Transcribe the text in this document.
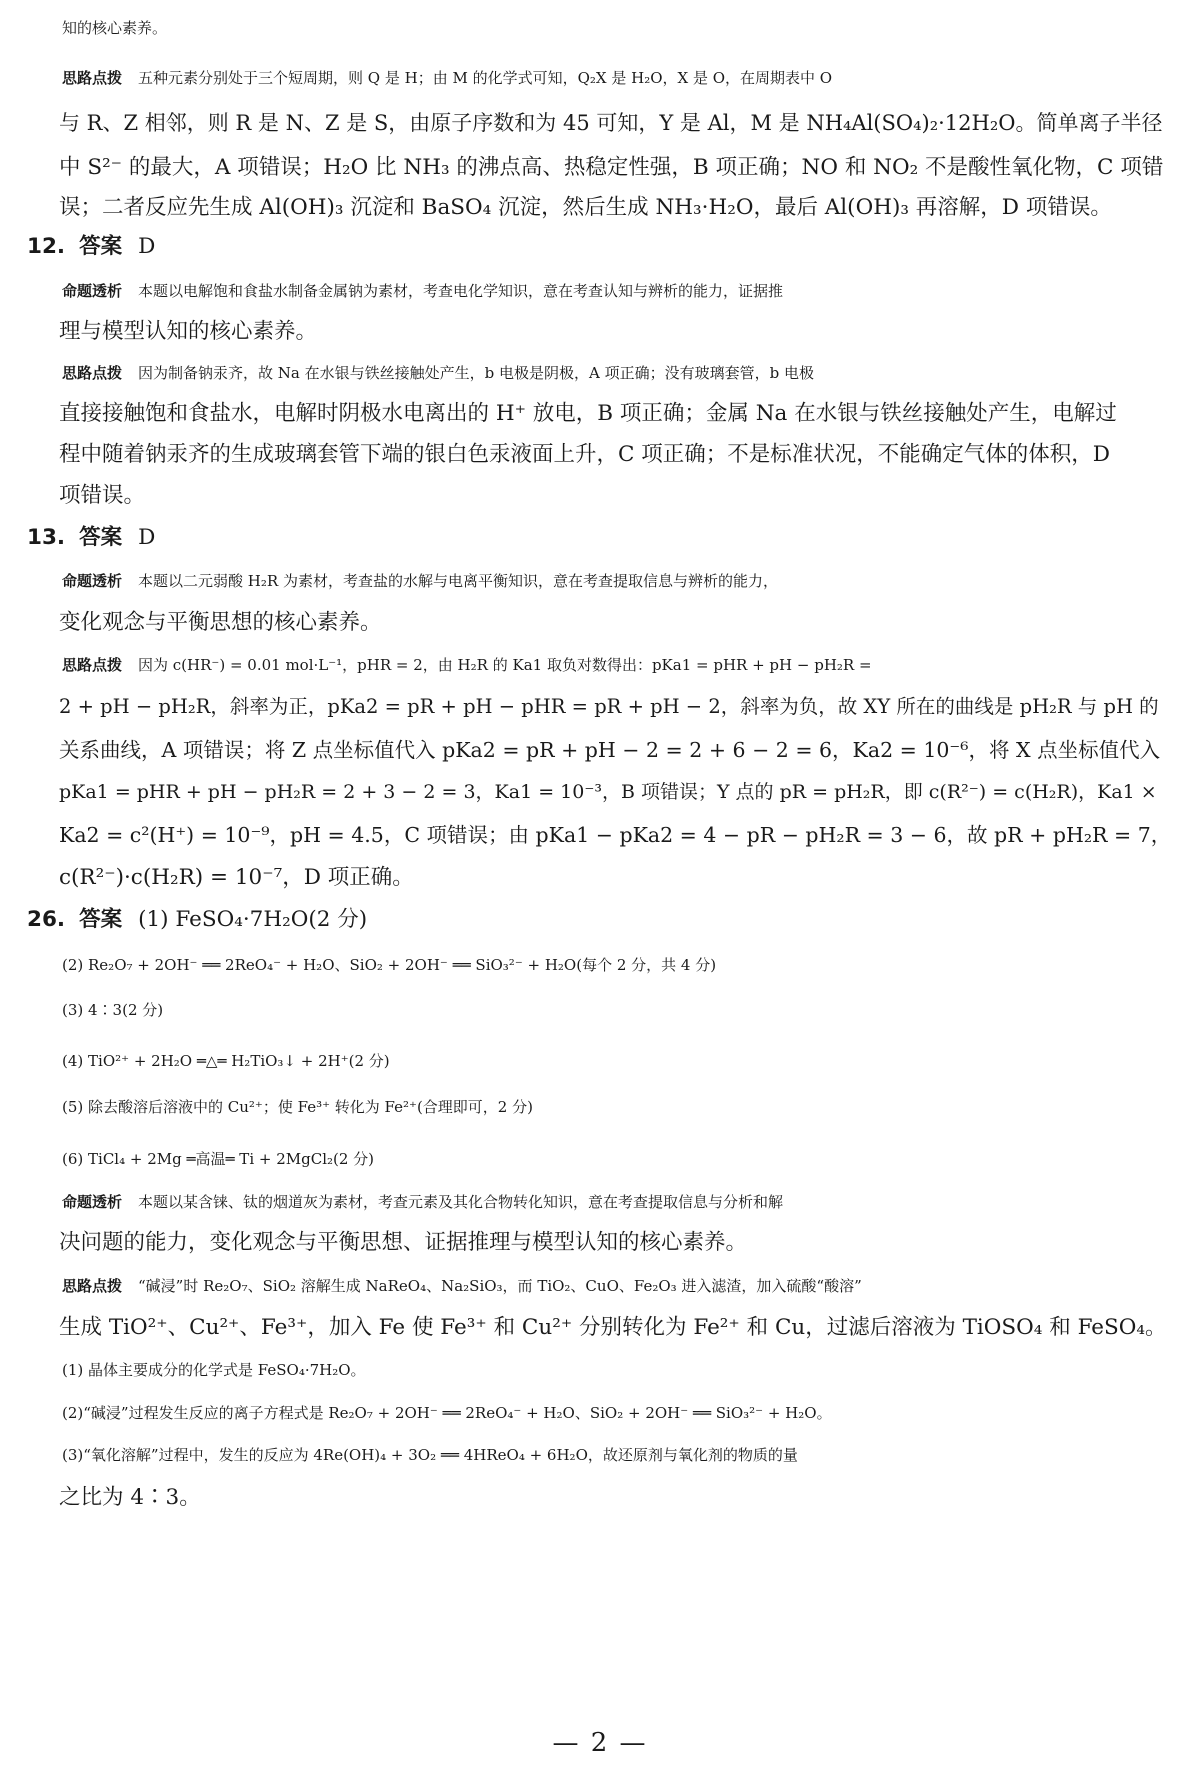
知的核心素养。
思路点拨 五种元素分别处于三个短周期，则 Q 是 H；由 M 的化学式可知，Q₂X 是 H₂O，X 是 O，在周期表中 O
与 R、Z 相邻，则 R 是 N、Z 是 S，由原子序数和为 45 可知，Y 是 Al，M 是 NH₄Al(SO₄)₂·12H₂O。简单离子半径
中 S²⁻ 的最大，A 项错误；H₂O 比 NH₃ 的沸点高、热稳定性强，B 项正确；NO 和 NO₂ 不是酸性氧化物，C 项错
误；二者反应先生成 Al(OH)₃ 沉淀和 BaSO₄ 沉淀，然后生成 NH₃·H₂O，最后 Al(OH)₃ 再溶解，D 项错误。
12. 答案 D
命题透析 本题以电解饱和食盐水制备金属钠为素材，考查电化学知识，意在考查认知与辨析的能力，证据推
理与模型认知的核心素养。
思路点拨 因为制备钠汞齐，故 Na 在水银与铁丝接触处产生，b 电极是阴极，A 项正确；没有玻璃套管，b 电极
直接接触饱和食盐水，电解时阴极水电离出的 H⁺ 放电，B 项正确；金属 Na 在水银与铁丝接触处产生，电解过
程中随着钠汞齐的生成玻璃套管下端的银白色汞液面上升，C 项正确；不是标准状况，不能确定气体的体积，D
项错误。
13. 答案 D
命题透析 本题以二元弱酸 H₂R 为素材，考查盐的水解与电离平衡知识，意在考查提取信息与辨析的能力，
变化观念与平衡思想的核心素养。
思路点拨 因为 c(HR⁻) = 0.01 mol·L⁻¹，pHR = 2，由 H₂R 的 Ka1 取负对数得出：pKa1 = pHR + pH − pH₂R =
2 + pH − pH₂R，斜率为正，pKa2 = pR + pH − pHR = pR + pH − 2，斜率为负，故 XY 所在的曲线是 pH₂R 与 pH 的
关系曲线，A 项错误；将 Z 点坐标值代入 pKa2 = pR + pH − 2 = 2 + 6 − 2 = 6，Ka2 = 10⁻⁶，将 X 点坐标值代入
pKa1 = pHR + pH − pH₂R = 2 + 3 − 2 = 3，Ka1 = 10⁻³，B 项错误；Y 点的 pR = pH₂R，即 c(R²⁻) = c(H₂R)，Ka1 ×
Ka2 = c²(H⁺) = 10⁻⁹，pH = 4.5，C 项错误；由 pKa1 − pKa2 = 4 − pR − pH₂R = 3 − 6，故 pR + pH₂R = 7，
c(R²⁻)·c(H₂R) = 10⁻⁷，D 项正确。
26. 答案 (1) FeSO₄·7H₂O(2 分)
(2) Re₂O₇ + 2OH⁻ ══ 2ReO₄⁻ + H₂O、SiO₂ + 2OH⁻ ══ SiO₃²⁻ + H₂O(每个 2 分，共 4 分)
(3) 4∶3(2 分)
(4) TiO²⁺ + 2H₂O ═△═ H₂TiO₃↓ + 2H⁺(2 分)
(5) 除去酸溶后溶液中的 Cu²⁺；使 Fe³⁺ 转化为 Fe²⁺(合理即可，2 分)
(6) TiCl₄ + 2Mg ═高温═ Ti + 2MgCl₂(2 分)
命题透析 本题以某含铼、钛的烟道灰为素材，考查元素及其化合物转化知识，意在考查提取信息与分析和解
决问题的能力，变化观念与平衡思想、证据推理与模型认知的核心素养。
思路点拨 “碱浸”时 Re₂O₇、SiO₂ 溶解生成 NaReO₄、Na₂SiO₃，而 TiO₂、CuO、Fe₂O₃ 进入滤渣，加入硫酸“酸溶”
生成 TiO²⁺、Cu²⁺、Fe³⁺，加入 Fe 使 Fe³⁺ 和 Cu²⁺ 分别转化为 Fe²⁺ 和 Cu，过滤后溶液为 TiOSO₄ 和 FeSO₄。
(1) 晶体主要成分的化学式是 FeSO₄·7H₂O。
(2)“碱浸”过程发生反应的离子方程式是 Re₂O₇ + 2OH⁻ ══ 2ReO₄⁻ + H₂O、SiO₂ + 2OH⁻ ══ SiO₃²⁻ + H₂O。
(3)“氧化溶解”过程中，发生的反应为 4Re(OH)₄ + 3O₂ ══ 4HReO₄ + 6H₂O，故还原剂与氧化剂的物质的量
之比为 4∶3。
— 2 —
